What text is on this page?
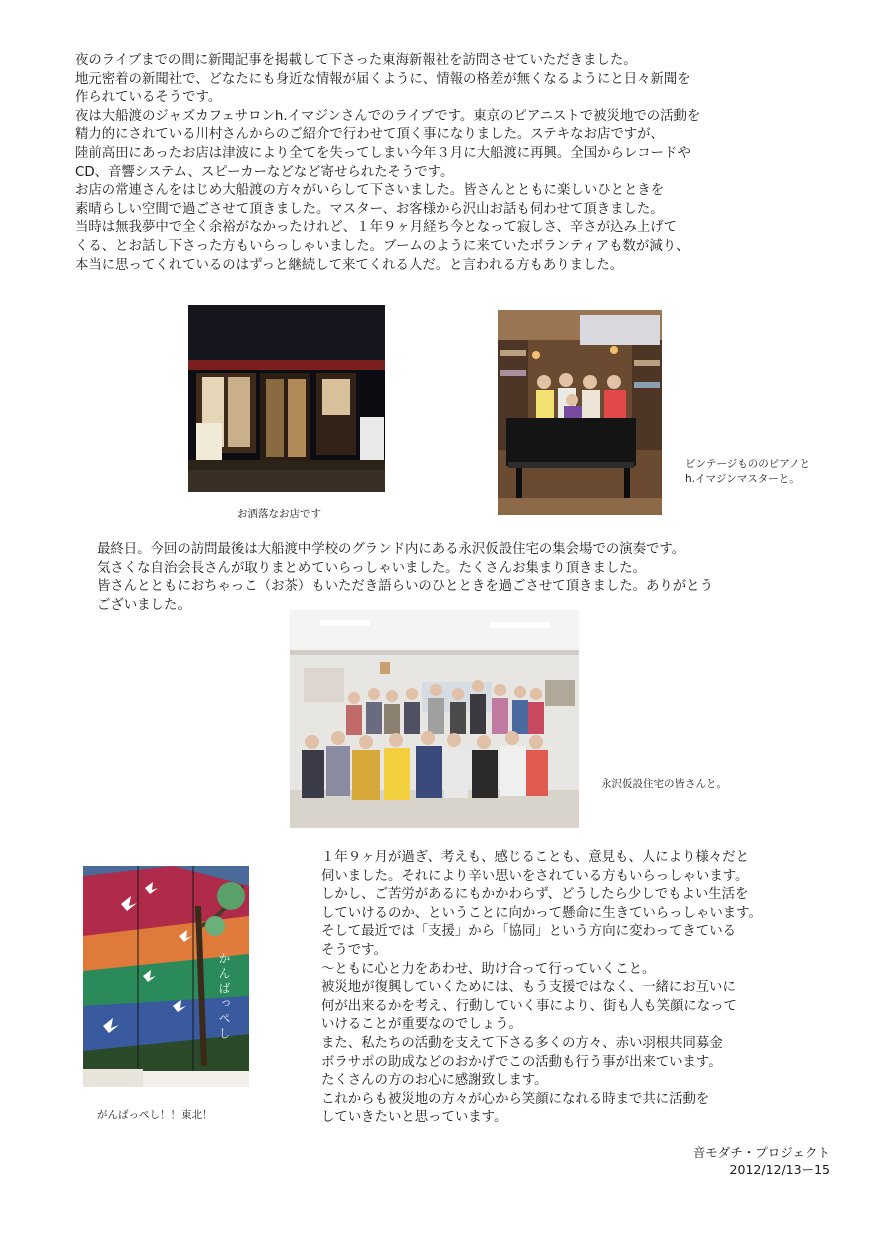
夜のライブまでの間に新聞記事を掲載して下さった東海新報社を訪問させていただきました。
地元密着の新聞社で、どなたにも身近な情報が届くように、情報の格差が無くなるようにと日々新聞を
作られているそうです。
夜は大船渡のジャズカフェサロンh.イマジンさんでのライブです。東京のピアニストで被災地での活動を
精力的にされている川村さんからのご紹介で行わせて頂く事になりました。ステキなお店ですが、
陸前高田にあったお店は津波により全てを失ってしまい今年３月に大船渡に再興。全国からレコードや
CD、音響システム、スピーカーなどなど寄せられたそうです。
お店の常連さんをはじめ大船渡の方々がいらして下さいました。皆さんとともに楽しいひとときを
素晴らしい空間で過ごさせて頂きました。マスター、お客様から沢山お話も伺わせて頂きました。
当時は無我夢中で全く余裕がなかったけれど、１年９ヶ月経ち今となって寂しさ、辛さが込み上げて
くる、とお話し下さった方もいらっしゃいました。ブームのように来ていたボランティアも数が減り、
本当に思ってくれているのはずっと継続して来てくれる人だ。と言われる方もありました。
お洒落なお店です
ビンテージもののピアノと
h.イマジンマスターと。
最終日。今回の訪問最後は大船渡中学校のグランド内にある永沢仮設住宅の集会場での演奏です。
気さくな自治会長さんが取りまとめていらっしゃいました。たくさんお集まり頂きました。
皆さんとともにおちゃっこ（お茶）もいただき語らいのひとときを過ごさせて頂きました。ありがとう
ございました。
永沢仮設住宅の皆さんと。
かんばっぺし
がんばっぺし！！東北！
１年９ヶ月が過ぎ、考えも、感じることも、意見も、人により様々だと
伺いました。それにより辛い思いをされている方もいらっしゃいます。
しかし、ご苦労があるにもかかわらず、どうしたら少しでもよい生活を
していけるのか、ということに向かって懸命に生きていらっしゃいます。
そして最近では「支援」から「協同」という方向に変わってきている
そうです。
〜ともに心と力をあわせ、助け合って行っていくこと。
被災地が復興していくためには、もう支援ではなく、一緒にお互いに
何が出来るかを考え、行動していく事により、街も人も笑顔になって
いけることが重要なのでしょう。
また、私たちの活動を支えて下さる多くの方々、赤い羽根共同募金
ボラサポの助成などのおかげでこの活動も行う事が出来ています。
たくさんの方のお心に感謝致します。
これからも被災地の方々が心から笑顔になれる時まで共に活動を
していきたいと思っています。
音モダチ・プロジェクト
2012/12/13ー15
